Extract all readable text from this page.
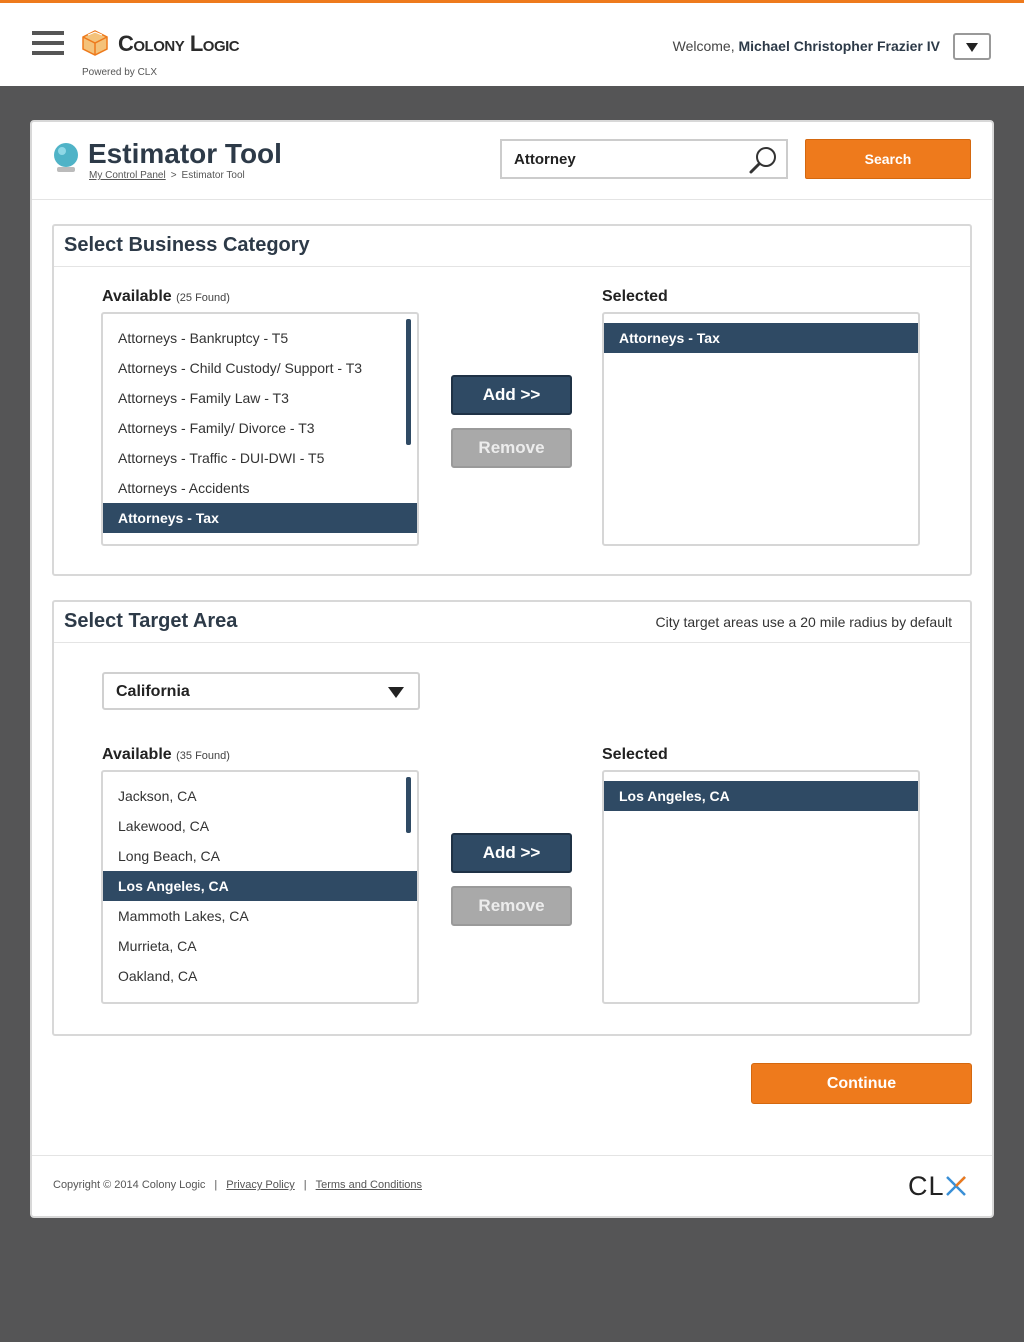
Colony Logic
Powered by CLX
Welcome, Michael Christopher Frazier IV
Estimator Tool
My Control Panel > Estimator Tool
Attorney
Search
Select Business Category
Available (25 Found)	Selected
Attorneys - Bankruptcy - T5
Attorneys - Child Custody/ Support - T3
Attorneys - Family Law - T3
Attorneys - Family/ Divorce - T3
Attorneys - Traffic - DUI-DWI - T5
Attorneys - Accidents
Attorneys - Tax
Add >>
Remove
Attorneys - Tax
Select Target Area	City target areas use a 20 mile radius by default
California
Available (35 Found)	Selected
Jackson, CA
Lakewood, CA
Long Beach, CA
Los Angeles, CA
Mammoth Lakes, CA
Murrieta, CA
Oakland, CA
Add >>
Remove
Los Angeles, CA
Continue
Copyright © 2014 Colony Logic | Privacy Policy | Terms and Conditions	CL
